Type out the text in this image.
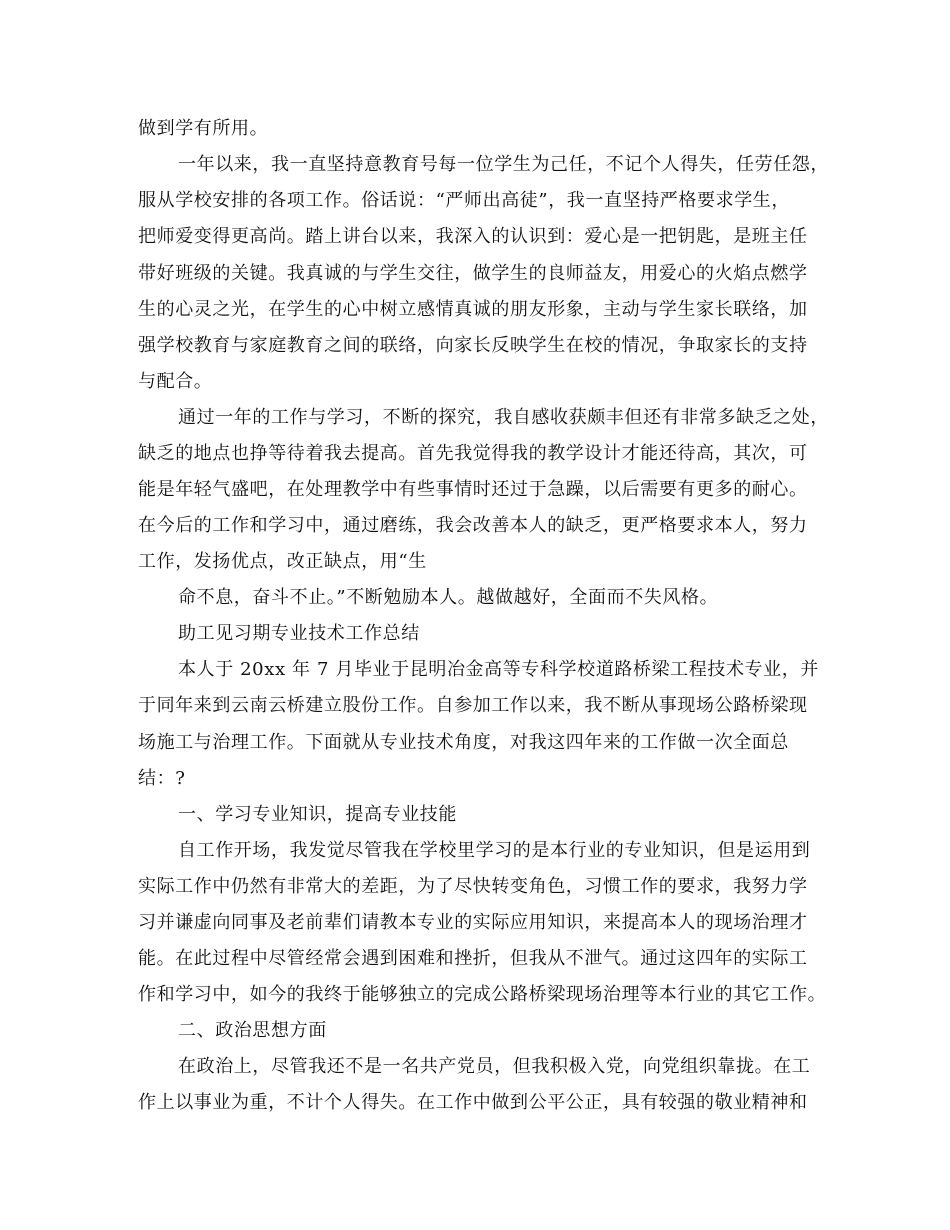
做到学有所用。
一年以来，我一直坚持意教育号每一位学生为己任，不记个人得失，任劳任怨，
服从学校安排的各项工作。俗话说：“严师出高徒”，我一直坚持严格要求学生，
把师爱变得更高尚。踏上讲台以来，我深入的认识到：爱心是一把钥匙，是班主任
带好班级的关键。我真诚的与学生交往，做学生的良师益友，用爱心的火焰点燃学
生的心灵之光，在学生的心中树立感情真诚的朋友形象，主动与学生家长联络，加
强学校教育与家庭教育之间的联络，向家长反映学生在校的情况，争取家长的支持
与配合。
通过一年的工作与学习，不断的探究，我自感收获颇丰但还有非常多缺乏之处，
缺乏的地点也挣等待着我去提高。首先我觉得我的教学设计才能还待高，其次，可
能是年轻气盛吧，在处理教学中有些事情时还过于急躁，以后需要有更多的耐心。
在今后的工作和学习中，通过磨练，我会改善本人的缺乏，更严格要求本人，努力
工作，发扬优点，改正缺点，用“生
命不息，奋斗不止。”不断勉励本人。越做越好，全面而不失风格。
助工见习期专业技术工作总结
本人于 20xx 年 7 月毕业于昆明冶金高等专科学校道路桥梁工程技术专业，并
于同年来到云南云桥建立股份工作。自参加工作以来，我不断从事现场公路桥梁现
场施工与治理工作。下面就从专业技术角度，对我这四年来的工作做一次全面总
结：?
一、学习专业知识，提高专业技能
自工作开场，我发觉尽管我在学校里学习的是本行业的专业知识，但是运用到
实际工作中仍然有非常大的差距，为了尽快转变角色，习惯工作的要求，我努力学
习并谦虚向同事及老前辈们请教本专业的实际应用知识，来提高本人的现场治理才
能。在此过程中尽管经常会遇到困难和挫折，但我从不泄气。通过这四年的实际工
作和学习中，如今的我终于能够独立的完成公路桥梁现场治理等本行业的其它工作。
二、政治思想方面
在政治上，尽管我还不是一名共产党员，但我积极入党，向党组织靠拢。在工
作上以事业为重，不计个人得失。在工作中做到公平公正，具有较强的敬业精神和
